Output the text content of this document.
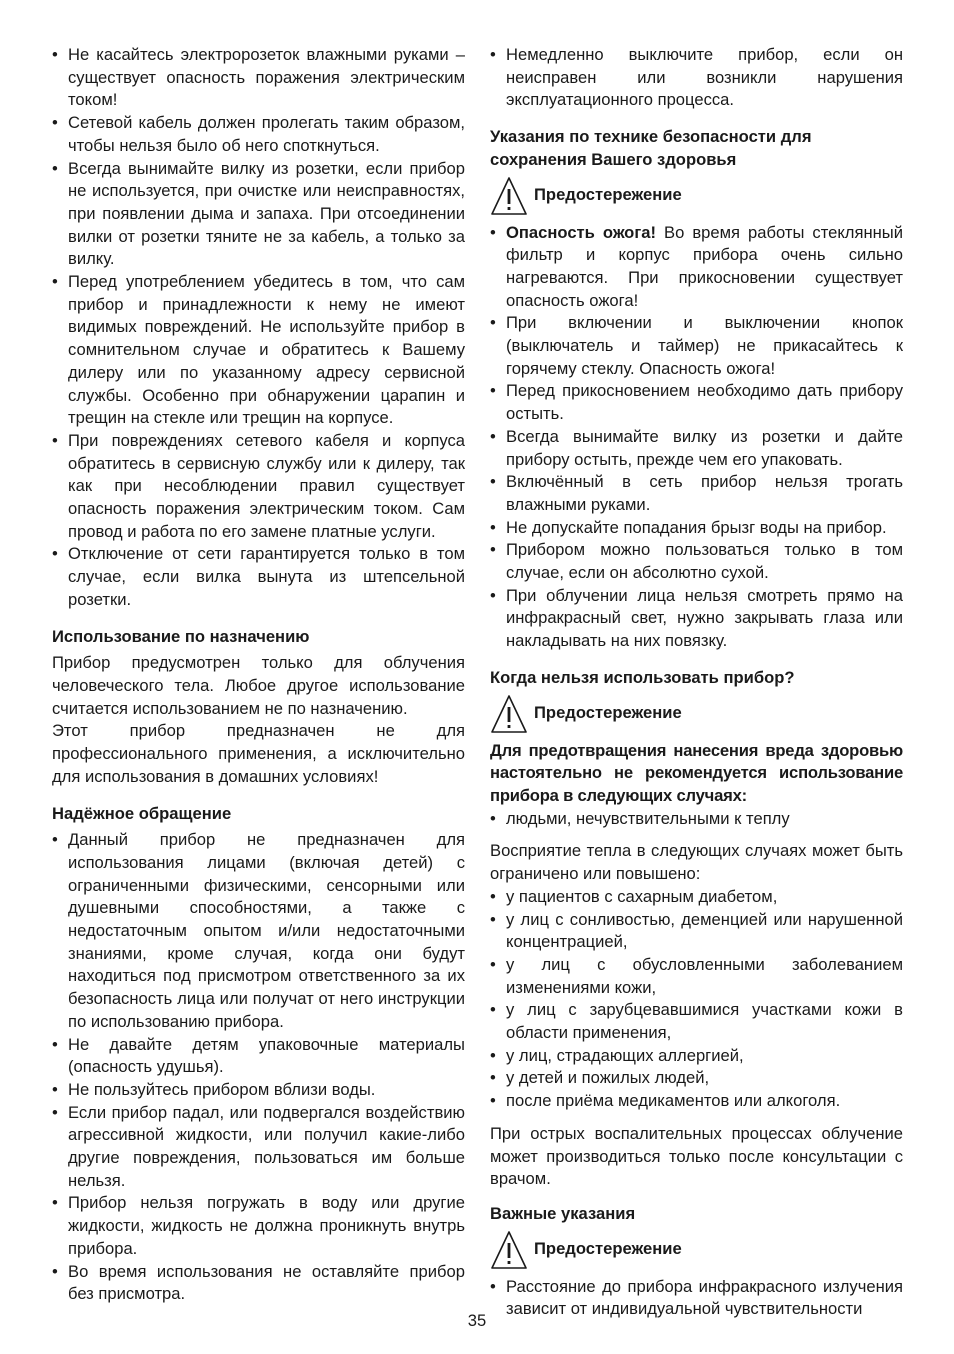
• Не касайтесь электророзеток влажными руками – существует опасность поражения электрическим током!
• Сетевой кабель должен пролегать таким образом, чтобы нельзя было об него споткнуться.
• Всегда вынимайте вилку из розетки, если прибор не используется, при очистке или неисправностях, при появлении дыма и запаха. При отсоединении вилки от розетки тяните не за кабель, а только за вилку.
• Перед употреблением убедитесь в том, что сам прибор и принадлежности к нему не имеют видимых повреждений. Не используйте прибор в сомнительном случае и обратитесь к Вашему дилеру или по указанному адресу сервисной службы. Особенно при обнаружении царапин и трещин на стекле или трещин на корпусе.
• При повреждениях сетевого кабеля и корпуса обратитесь в сервисную службу или к дилеру, так как при несоблюдении правил существует опасность поражения электрическим током. Сам провод и работа по его замене платные услуги.
• Отключение от сети гарантируется только в том случае, если вилка вынута из штепсельной розетки.
Использование по назначению

Прибор предусмотрен только для облучения человеческого тела. Любое другое использование считается использованием не по назначению.

Этот прибор предназначен не для профессионального применения, а исключительно для использования в домашних условиях!

Надёжное обращение
• Данный прибор не предназначен для использования лицами (включая детей) с ограниченными физическими, сенсорными или душевными способностями, а также с недостаточным опытом и/или недостаточными знаниями, кроме случая, когда они будут находиться под присмотром ответственного за их безопасность лица или получат от него инструкции по использованию прибора.
• Не давайте детям упаковочные материалы (опасность удушья).
• Не пользуйтесь прибором вблизи воды.
• Если прибор падал, или подвергался воздействию агрессивной жидкости, или получил какие-либо другие повреждения, пользоваться им больше нельзя.
• Прибор нельзя погружать в воду или другие жидкости, жидкость не должна проникнуть внутрь прибора.
• Во время использования не оставляйте прибор без присмотра.
• Немедленно выключите прибор, если он неисправен или возникли нарушения эксплуатационного процесса.
Указания по технике безопасности для сохранения Вашего здоровья
Предостережение
• Опасность ожога! Во время работы стеклянный фильтр и корпус прибора очень сильно нагреваются. При прикосновении существует опасность ожога!
• При включении и выключении кнопок (выключатель и таймер) не прикасайтесь к горячему стеклу. Опасность ожога!
• Перед прикосновением необходимо дать прибору остыть.
• Всегда вынимайте вилку из розетки и дайте прибору остыть, прежде чем его упаковать.
• Включённый в сеть прибор нельзя трогать влажными руками.
• Не допускайте попадания брызг воды на прибор.
• Прибором можно пользоваться только в том случае, если он абсолютно сухой.
• При облучении лица нельзя смотреть прямо на инфракрасный свет, нужно закрывать глаза или накладывать на них повязку.
Когда нельзя использовать прибор?
Предостережение

Для предотвращения нанесения вреда здоровью настоятельно не рекомендуется использование прибора в следующих случаях:

• людьми, нечувствительными к теплу

Восприятие тепла в следующих случаях может быть ограничено или повышено:

• у пациентов с сахарным диабетом,
• у лиц с сонливостью, деменцией или нарушенной концентрацией,
• у лиц с обусловленными заболеванием изменениями кожи,
• у лиц с зарубцевавшимися участками кожи в области применения,
• у лиц, страдающих аллергией,
• у детей и пожилых людей,
• после приёма медикаментов или алкоголя.

При острых воспалительных процессах облучение может производиться только после консультации с врачом.

Важные указания
Предостережение
• Расстояние до прибора инфракрасного излучения зависит от индивидуальной чувствительности
35
